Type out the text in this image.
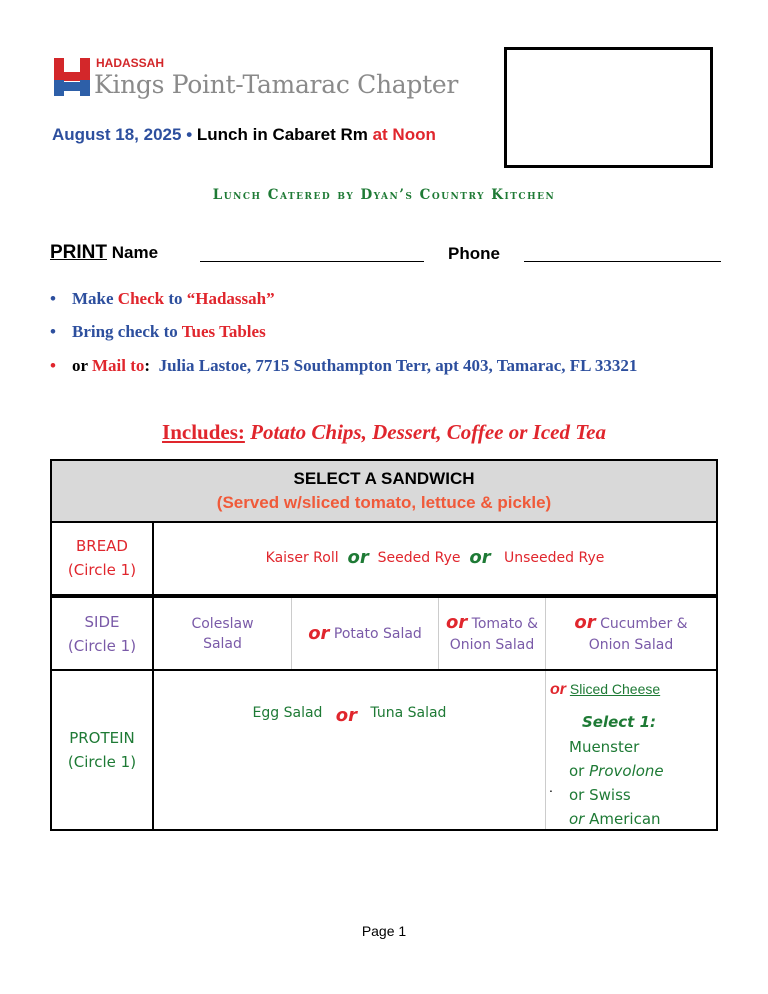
HADASSAH
Kings Point-Tamarac Chapter
August 18, 2025 • Lunch in Cabaret Rm at Noon
Lunch Catered by Dyan’s Country Kitchen
PRINT Name	Phone
• Make Check to “Hadassah”
• Bring check to Tues Tables
• or Mail to: Julia Lastoe, 7715 Southampton Terr, apt 403, Tamarac, FL 33321
Includes: Potato Chips, Dessert, Coffee or Iced Tea
SELECT A SANDWICH
(Served w/sliced tomato, lettuce & pickle)
BREAD
(Circle 1)
Kaiser Roll
or
Seeded Rye
or
Unseeded Rye
SIDE
(Circle 1)
Coleslaw
Salad	or
Potato Salad
or Tomato &
Onion Salad
or Cucumber &
Onion Salad
PROTEIN
(Circle 1)
Egg Salad
or
Tuna Salad
or Sliced Cheese
Select 1:
Muenster
or Provolone
or Swiss
or American
.
Page 1
